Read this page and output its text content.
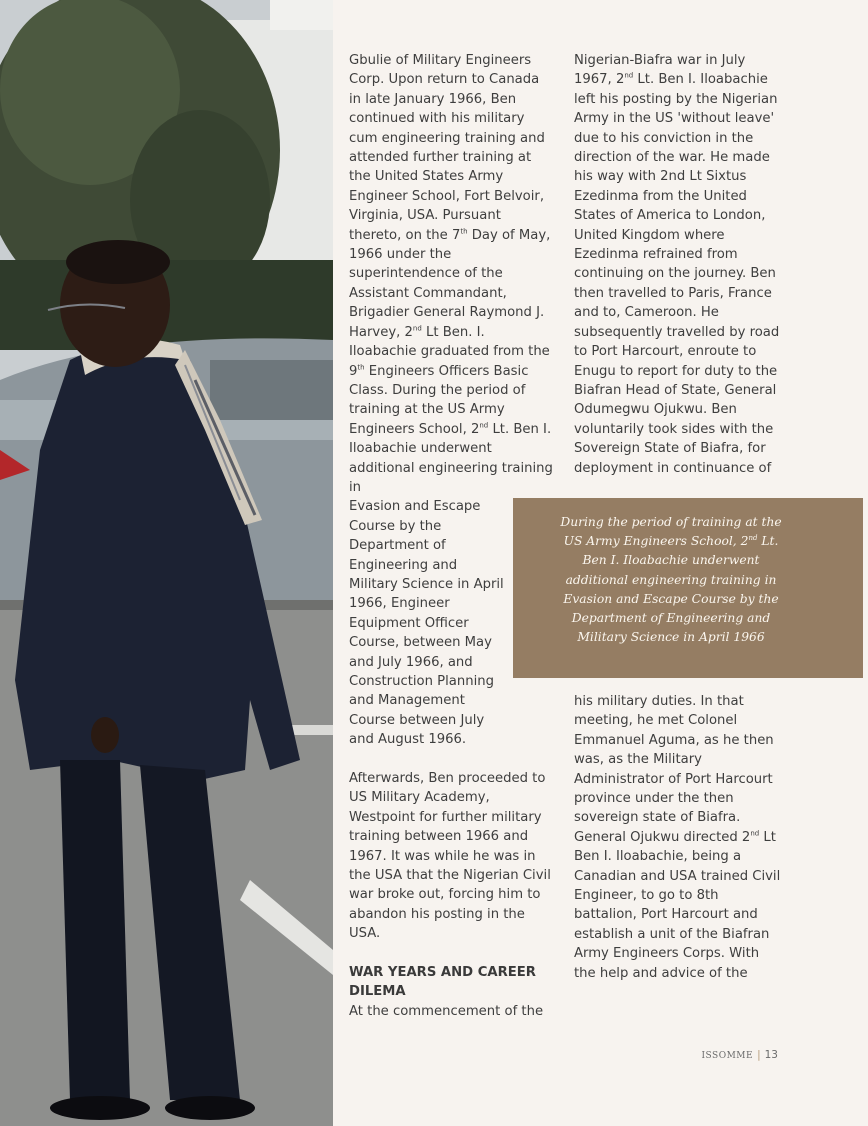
Gbulie of Military Engineers Corp. Upon return to Canada in late January 1966, Ben continued with his military cum engineering training and attended further training at the United States Army Engineer School, Fort Belvoir, Virginia, USA. Pursuant thereto, on the 7th Day of May, 1966 under the superintendence of the Assistant Commandant, Brigadier General Raymond J. Harvey, 2nd Lt Ben. I. Iloabachie graduated from the 9th Engineers Officers Basic Class. During the period of training at the US Army Engineers School, 2nd Lt. Ben I. Iloabachie underwent additional engineering training in

Evasion and Escape Course by the Department of Engineering and Military Science in April 1966, Engineer Equipment Officer Course, between May and July 1966, and Construction Planning and Management Course between July and August 1966.

Afterwards, Ben proceeded to US Military Academy, Westpoint for further military training between 1966 and 1967. It was while he was in the USA that the Nigerian Civil war broke out, forcing him to abandon his posting in the USA.

WAR YEARS AND CAREER DILEMA

At the commencement of the

Nigerian-Biafra war in July 1967, 2nd Lt. Ben I. Iloabachie left his posting by the Nigerian Army in the US 'without leave' due to his conviction in the direction of the war. He made his way with 2nd Lt Sixtus Ezedinma from the United States of America to London, United Kingdom where Ezedinma refrained from continuing on the journey. Ben then travelled to Paris, France and to, Cameroon. He subsequently travelled by road to Port Harcourt, enroute to Enugu to report for duty to the Biafran Head of State, General Odumegwu Ojukwu. Ben voluntarily took sides with the Sovereign State of Biafra, for deployment in continuance of

During the period of training at the US Army Engineers School, 2nd Lt. Ben I. Iloabachie underwent additional engineering training in Evasion and Escape Course by the Department of Engineering and Military Science in April 1966

his military duties. In that meeting, he met Colonel Emmanuel Aguma, as he then was, as the Military Administrator of Port Harcourt province under the then sovereign state of Biafra. General Ojukwu directed 2nd Lt Ben I. Iloabachie, being a Canadian and USA trained Civil Engineer, to go to 8th battalion, Port Harcourt and establish a unit of the Biafran Army Engineers Corps. With the help and advice of the

ISSOMME | 13
